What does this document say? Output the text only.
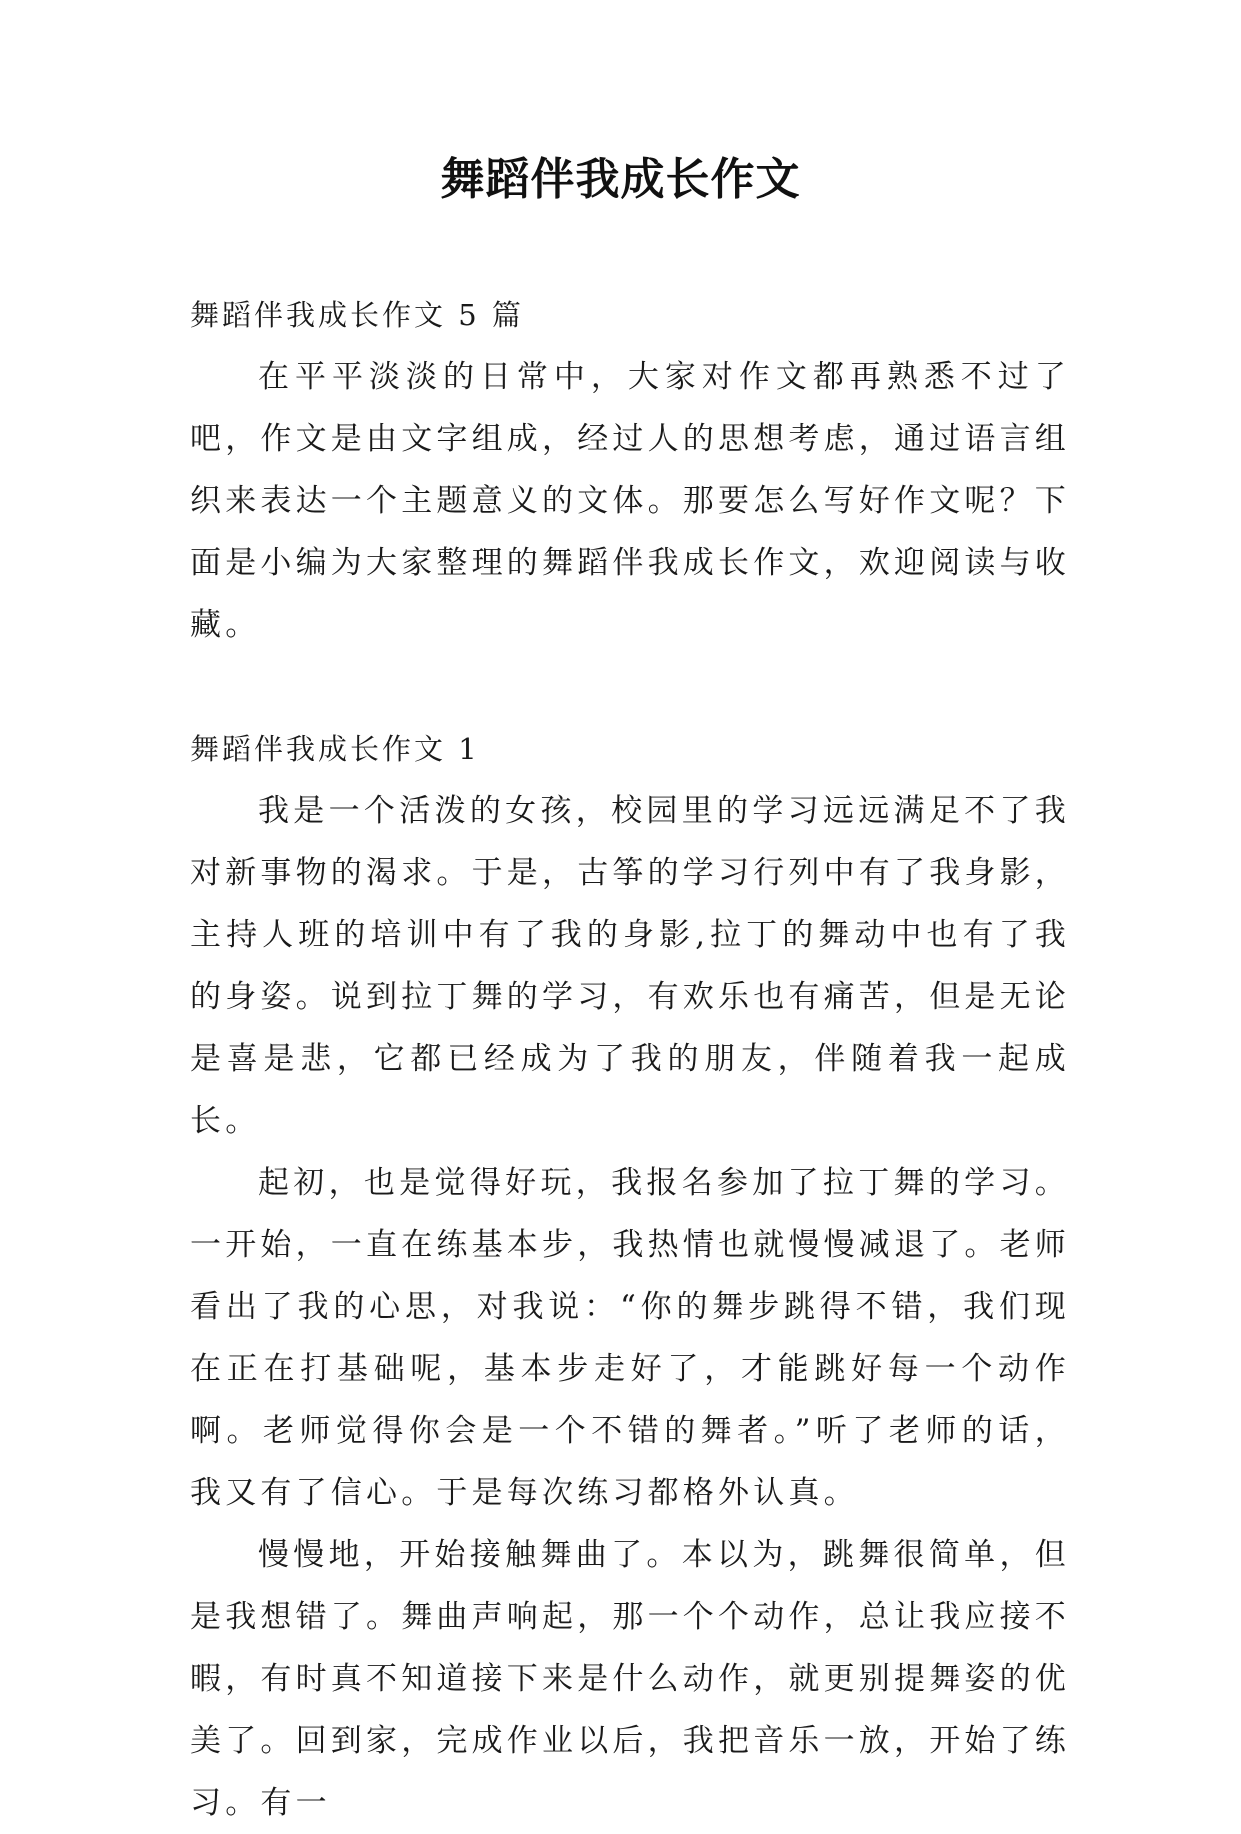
舞蹈伴我成长作文

舞蹈伴我成长作文 5 篇

在平平淡淡的日常中，大家对作文都再熟悉不过了吧，作文是由文字组成，经过人的思想考虑，通过语言组织来表达一个主题意义的文体。那要怎么写好作文呢？下面是小编为大家整理的舞蹈伴我成长作文，欢迎阅读与收藏。

舞蹈伴我成长作文 1

我是一个活泼的女孩，校园里的学习远远满足不了我对新事物的渴求。于是，古筝的学习行列中有了我身影，主持人班的培训中有了我的身影,拉丁的舞动中也有了我的身姿。说到拉丁舞的学习，有欢乐也有痛苦，但是无论是喜是悲，它都已经成为了我的朋友，伴随着我一起成长。

起初，也是觉得好玩，我报名参加了拉丁舞的学习。一开始，一直在练基本步，我热情也就慢慢减退了。老师看出了我的心思，对我说：“你的舞步跳得不错，我们现在正在打基础呢，基本步走好了，才能跳好每一个动作啊。老师觉得你会是一个不错的舞者。”听了老师的话，我又有了信心。于是每次练习都格外认真。

慢慢地，开始接触舞曲了。本以为，跳舞很简单，但是我想错了。舞曲声响起，那一个个动作，总让我应接不暇，有时真不知道接下来是什么动作，就更别提舞姿的优美了。回到家，完成作业以后，我把音乐一放，开始了练习。有一
